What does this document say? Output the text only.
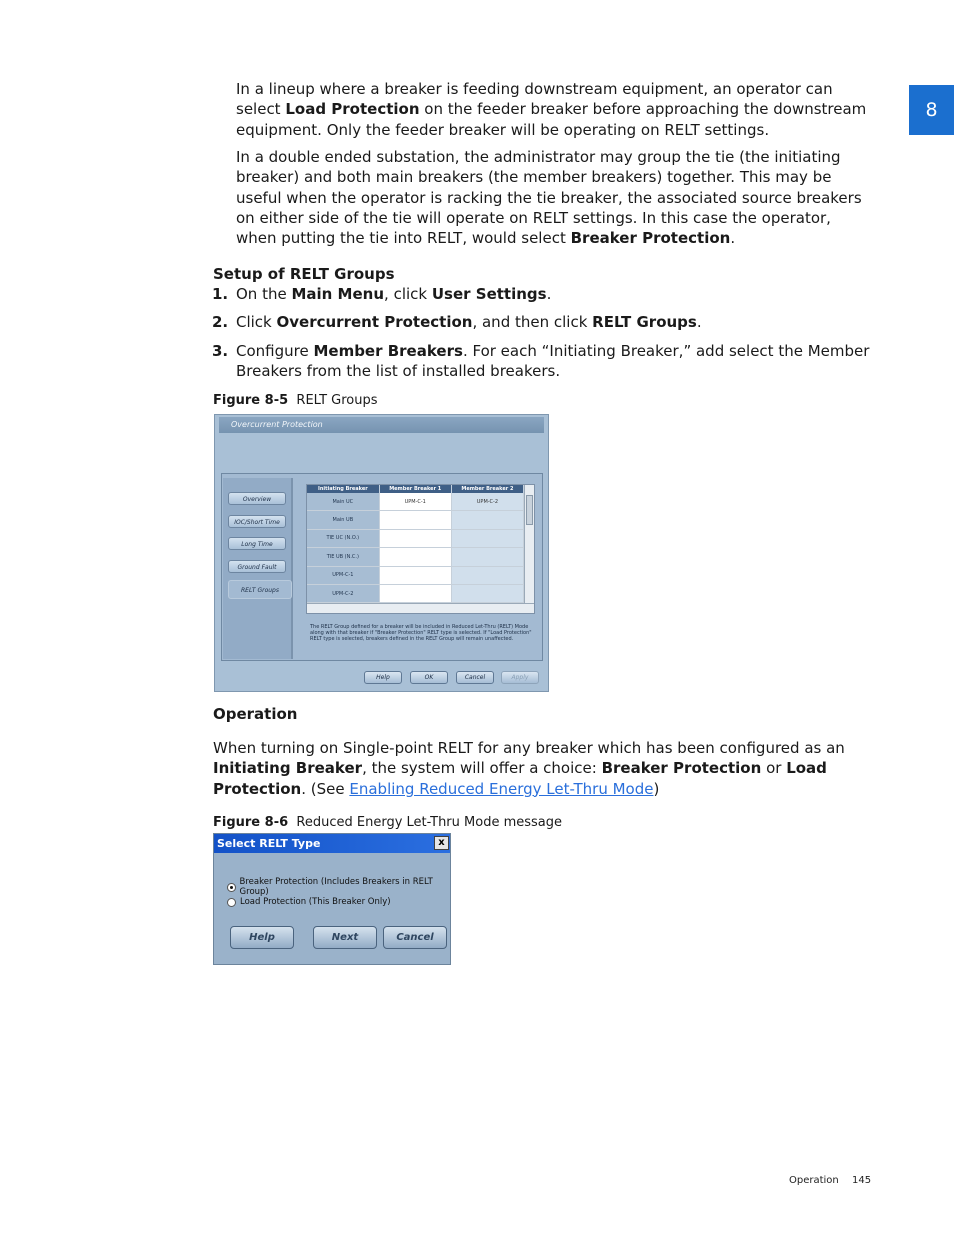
8
In a lineup where a breaker is feeding downstream equipment, an operator can select Load Protection on the feeder breaker before approaching the downstream equipment. Only the feeder breaker will be operating on RELT settings.
In a double ended substation, the administrator may group the tie (the initiating breaker) and both main breakers (the member breakers) together. This may be useful when the operator is racking the tie breaker, the associated source breakers on either side of the tie will operate on RELT settings. In this case the operator, when putting the tie into RELT, would select Breaker Protection.
Setup of RELT Groups
1. On the Main Menu, click User Settings.
2. Click Overcurrent Protection, and then click RELT Groups.
3. Configure Member Breakers. For each “Initiating Breaker,” add select the Member Breakers from the list of installed breakers.
Figure 8-5 RELT Groups
Overcurrent Protection
Overview
IOC/Short Time
Long Time
Ground Fault
RELT Groups
Initiating Breaker	Member Breaker 1	Member Breaker 2
Main UC	UPM-C-1	UPM-C-2
Main UB		
TIE UC (N.O.)		
TIE UB (N.C.)		
UPM-C-1		
UPM-C-2		
The RELT Group defined for a breaker will be included in Reduced Let-Thru (RELT) Mode along with that breaker if "Breaker Protection" RELT type is selected. If "Load Protection" RELT type is selected, breakers defined in the RELT Group will remain unaffected.
Help	OK	Cancel	Apply
Operation
When turning on Single-point RELT for any breaker which has been configured as an Initiating Breaker, the system will offer a choice: Breaker Protection or Load Protection. (See Enabling Reduced Energy Let-Thru Mode)
Figure 8-6 Reduced Energy Let-Thru Mode message
Select RELT Type	x
Breaker Protection (Includes Breakers in RELT Group)
Load Protection (This Breaker Only)
Help	Next	Cancel
Operation 145
